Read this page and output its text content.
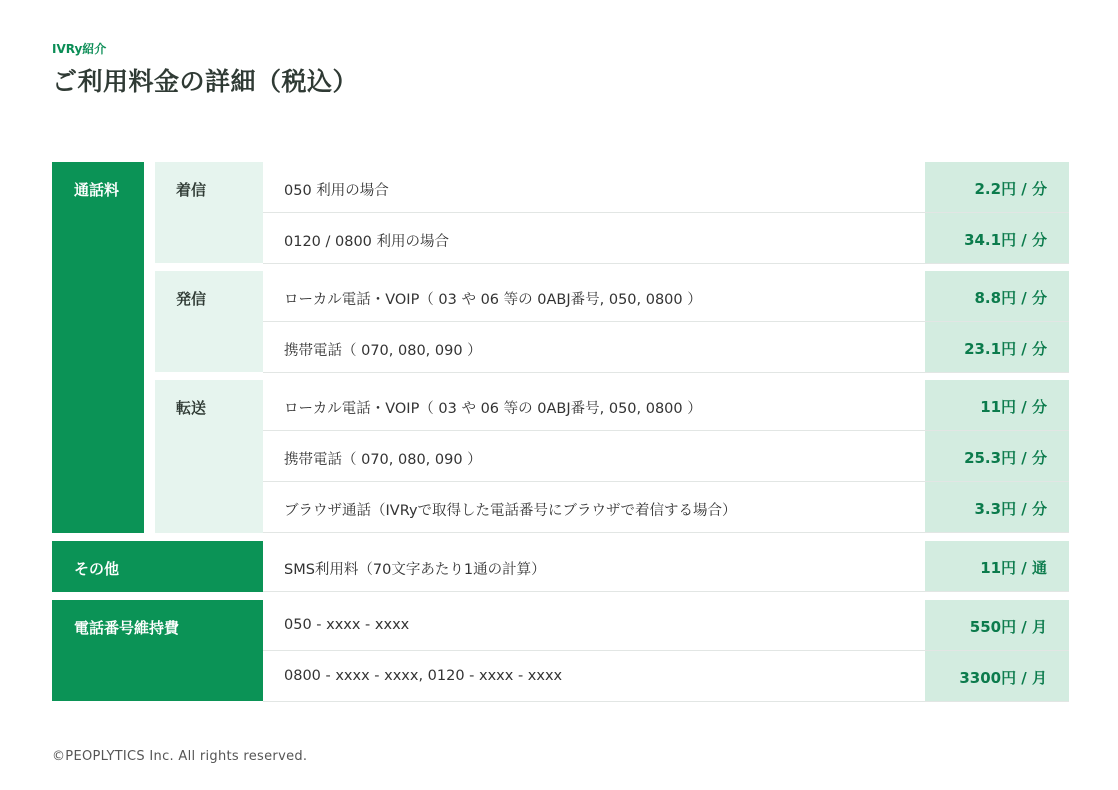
IVRy紹介
ご利用料金の詳細（税込）
通話料	着信	050 利用の場合	2.2円 / 分
0120 / 0800 利用の場合	34.1円 / 分
発信	ローカル電話・VOIP（ 03 や 06 等の 0ABJ番号, 050, 0800 ）	8.8円 / 分
携帯電話（ 070, 080, 090 ）	23.1円 / 分
転送	ローカル電話・VOIP（ 03 や 06 等の 0ABJ番号, 050, 0800 ）	11円 / 分
携帯電話（ 070, 080, 090 ）	25.3円 / 分
ブラウザ通話（IVRyで取得した電話番号にブラウザで着信する場合）	3.3円 / 分
その他	SMS利用料（70文字あたり1通の計算）	11円 / 通
電話番号維持費	050 - xxxx - xxxx	550円 / 月
0800 - xxxx - xxxx, 0120 - xxxx - xxxx	3300円 / 月
©PEOPLYTICS Inc. All rights reserved.
